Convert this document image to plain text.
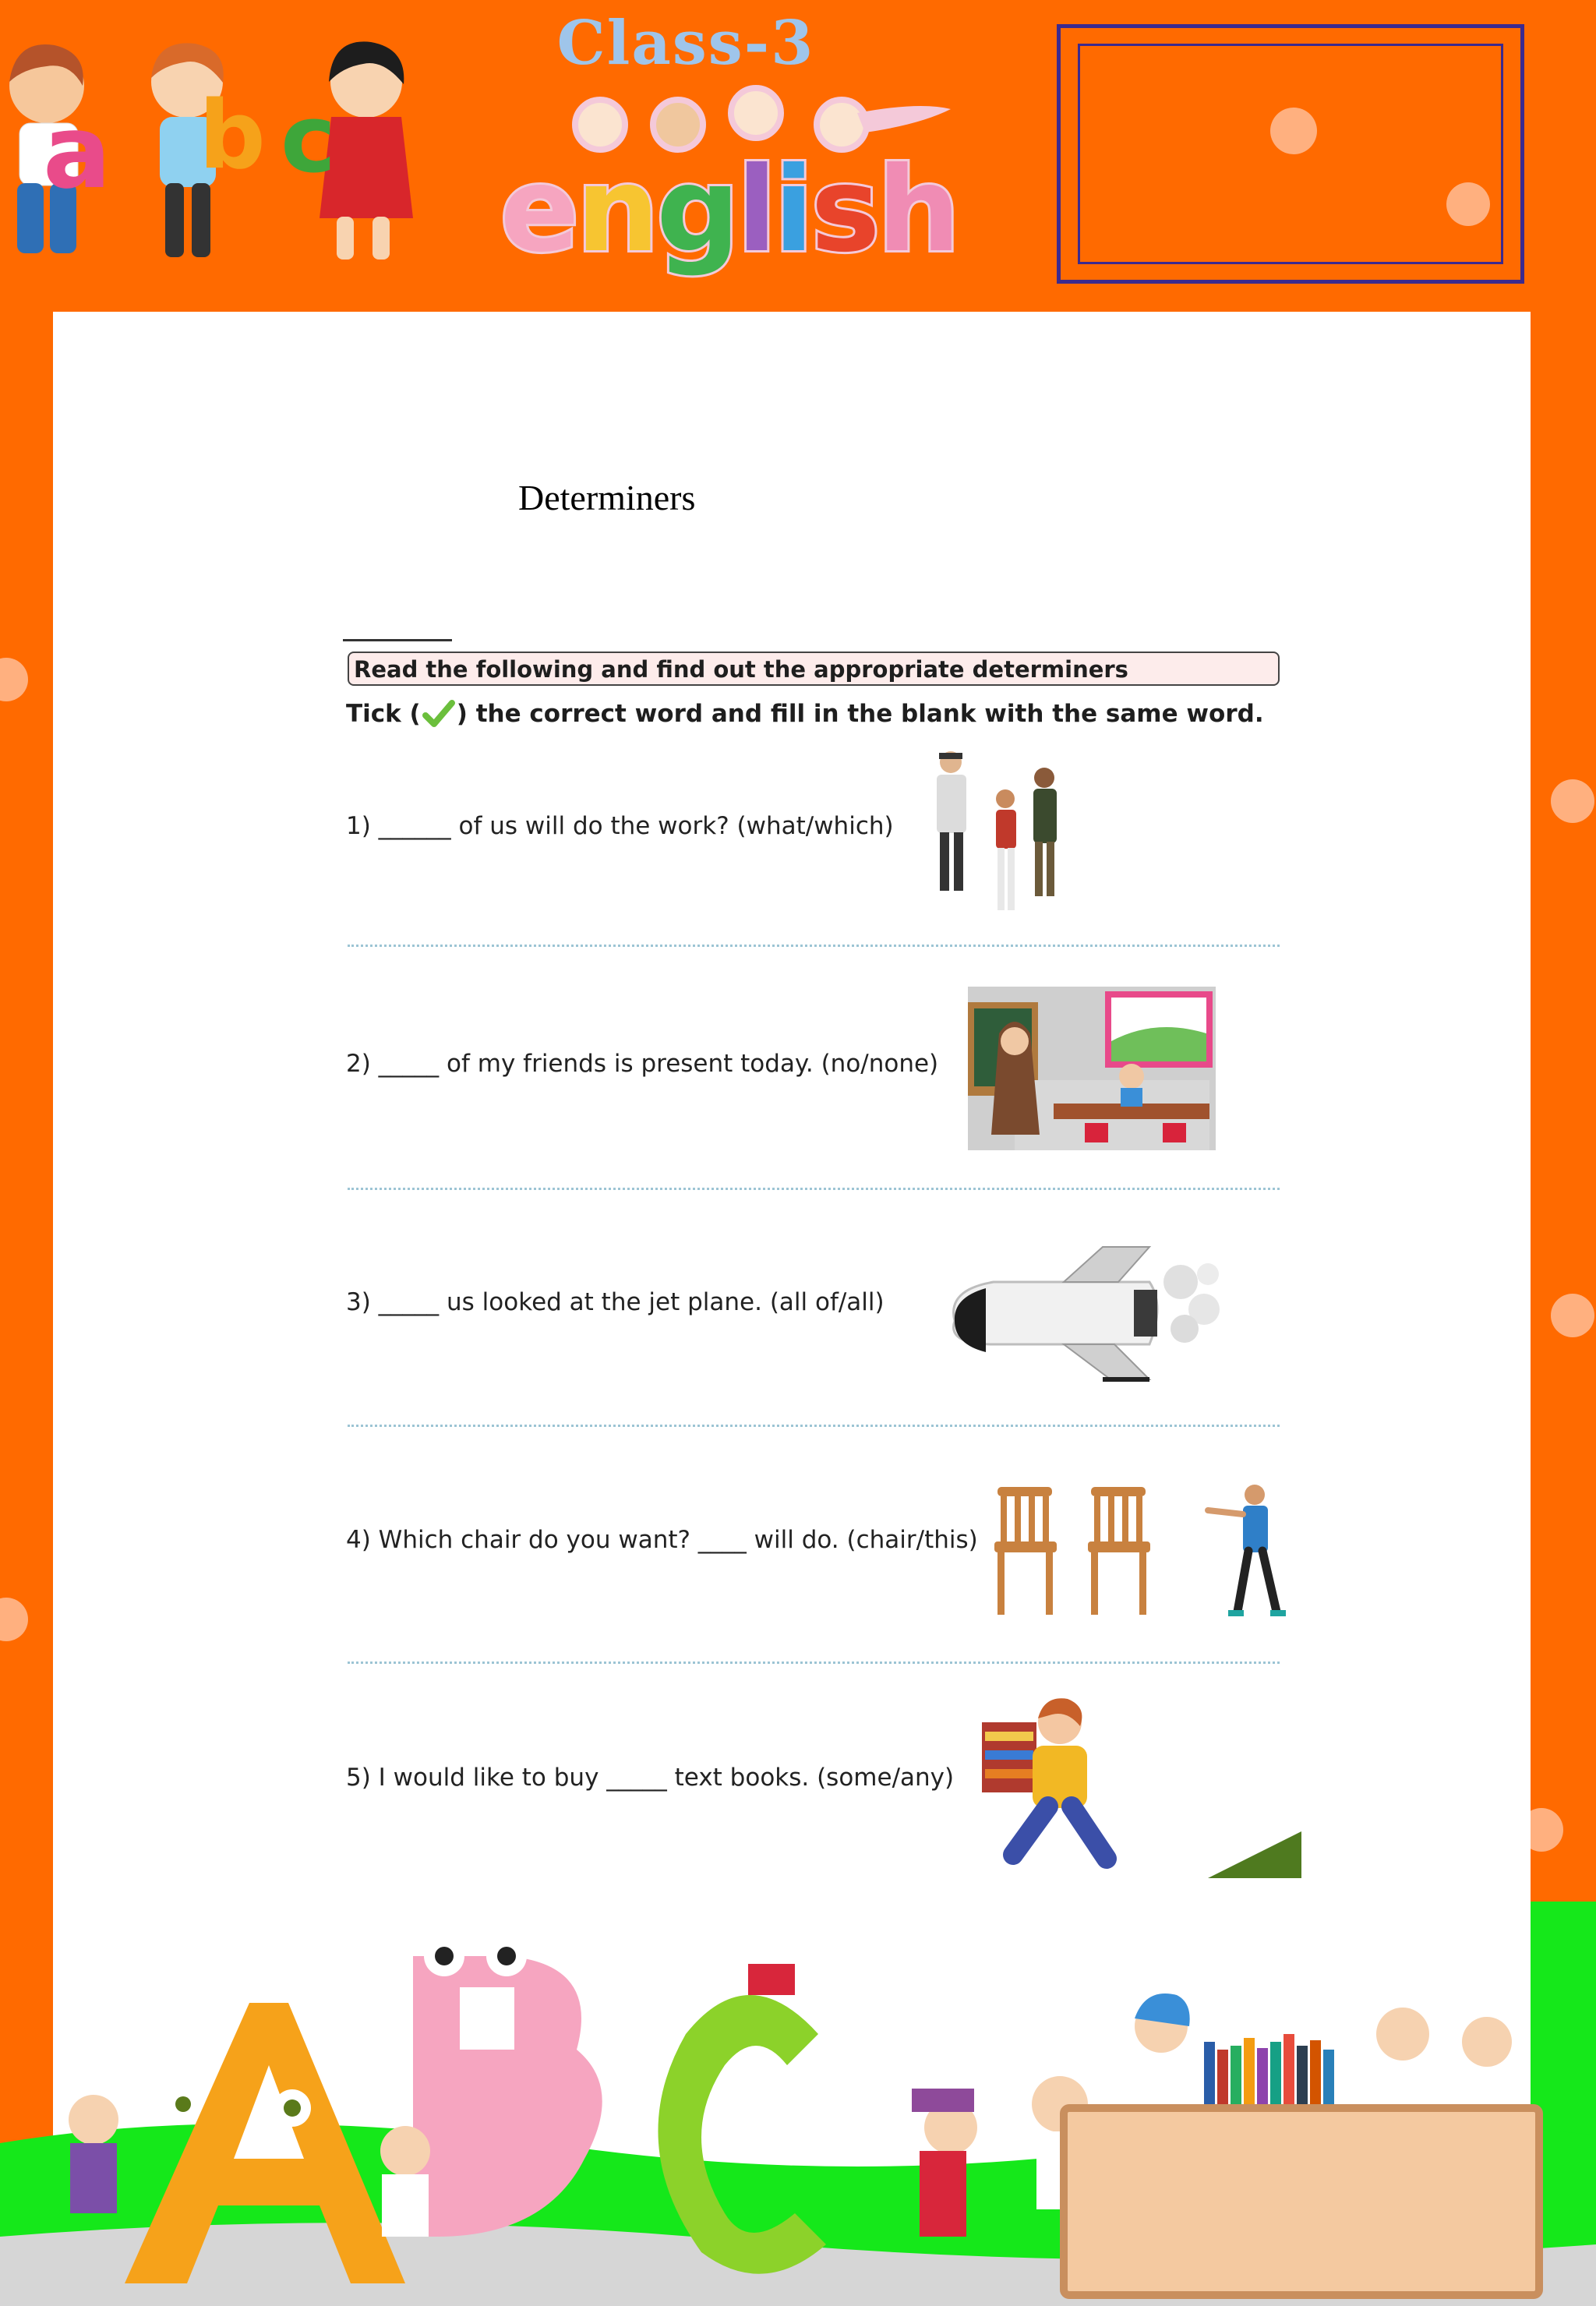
a b c
Class-3
english
Determiners
Read the following and find out the appropriate determiners
Tick ( ) the correct word and fill in the blank with the same word.
1) ______ of us will do the work? (what/which)
2) _____ of my friends is present today. (no/none)
3) _____ us looked at the jet plane. (all of/all)
4) Which chair do you want? ____ will do. (chair/this)
5) I would like to buy _____ text books. (some/any)
